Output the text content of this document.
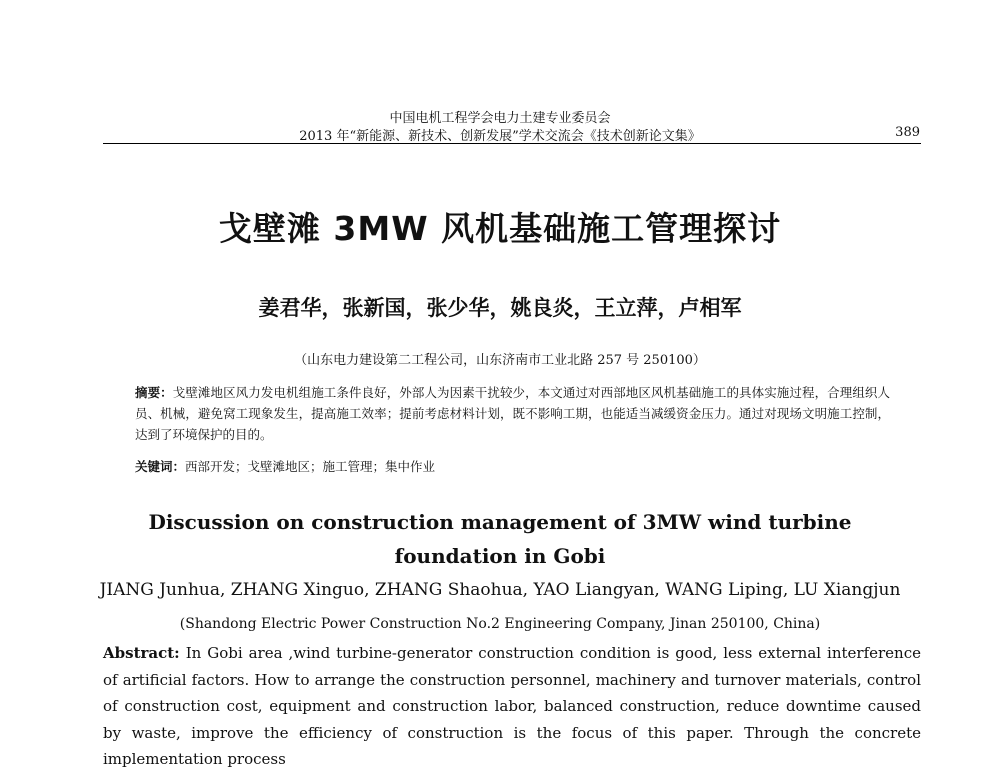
中国电机工程学会电力土建专业委员会
2013 年“新能源、新技术、创新发展”学术交流会《技术创新论文集》	389
戈壁滩 3MW 风机基础施工管理探讨
姜君华，张新国，张少华，姚良炎，王立萍，卢相军
（山东电力建设第二工程公司，山东济南市工业北路 257 号 250100）
摘要：戈壁滩地区风力发电机组施工条件良好，外部人为因素干扰较少，本文通过对西部地区风机基础施工的具体实施过程，合理组织人员、机械，避免窝工现象发生，提高施工效率；提前考虑材料计划，既不影响工期，也能适当减缓资金压力。通过对现场文明施工控制，达到了环境保护的目的。
关键词：西部开发；戈壁滩地区；施工管理；集中作业
Discussion on construction management of 3MW wind turbine
foundation in Gobi
JIANG Junhua, ZHANG Xinguo, ZHANG Shaohua, YAO Liangyan, WANG Liping, LU Xiangjun
(Shandong Electric Power Construction No.2 Engineering Company, Jinan 250100, China)
Abstract: In Gobi area ,wind turbine-generator construction condition is good, less external interference of artificial factors. How to arrange the construction personnel, machinery and turnover materials, control of construction cost, equipment and construction labor, balanced construction, reduce downtime caused by waste, improve the efficiency of construction is the focus of this paper. Through the concrete implementation process
